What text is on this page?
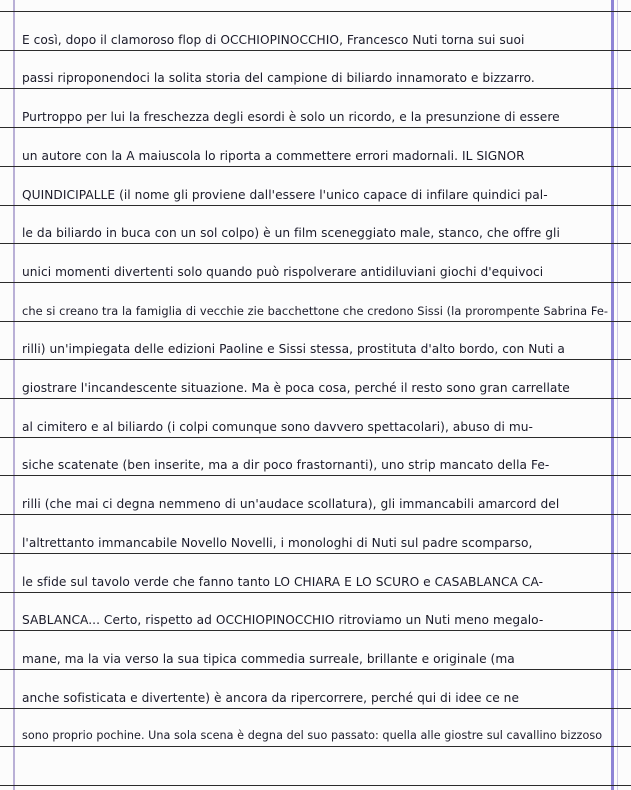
E così, dopo il clamoroso flop di OCCHIOPINOCCHIO, Francesco Nuti torna sui suoi
passi riproponendoci la solita storia del campione di biliardo innamorato e bizzarro.
Purtroppo per lui la freschezza degli esordi è solo un ricordo, e la presunzione di essere
un autore con la A maiuscola lo riporta a commettere errori madornali. IL SIGNOR
QUINDICIPALLE (il nome gli proviene dall'essere l'unico capace di infilare quindici pal-
le da biliardo in buca con un sol colpo) è un film sceneggiato male, stanco, che offre gli
unici momenti divertenti solo quando può rispolverare antidiluviani giochi d'equivoci
che si creano tra la famiglia di vecchie zie bacchettone che credono Sissi (la prorompente Sabrina Fe-
rilli) un'impiegata delle edizioni Paoline e Sissi stessa, prostituta d'alto bordo, con Nuti a
giostrare l'incandescente situazione. Ma è poca cosa, perché il resto sono gran carrellate
al cimitero e al biliardo (i colpi comunque sono davvero spettacolari), abuso di mu-
siche scatenate (ben inserite, ma a dir poco frastornanti), uno strip mancato della Fe-
rilli (che mai ci degna nemmeno di un'audace scollatura), gli immancabili amarcord del
l'altrettanto immancabile Novello Novelli, i monologhi di Nuti sul padre scomparso,
le sfide sul tavolo verde che fanno tanto LO CHIARA E LO SCURO e CASABLANCA CA-
SABLANCA... Certo, rispetto ad OCCHIOPINOCCHIO ritroviamo un Nuti meno megalo-
mane, ma la via verso la sua tipica commedia surreale, brillante e originale (ma
anche sofisticata e divertente) è ancora da ripercorrere, perché qui di idee ce ne
sono proprio pochine. Una sola scena è degna del suo passato: quella alle giostre sul cavallino bizzoso
